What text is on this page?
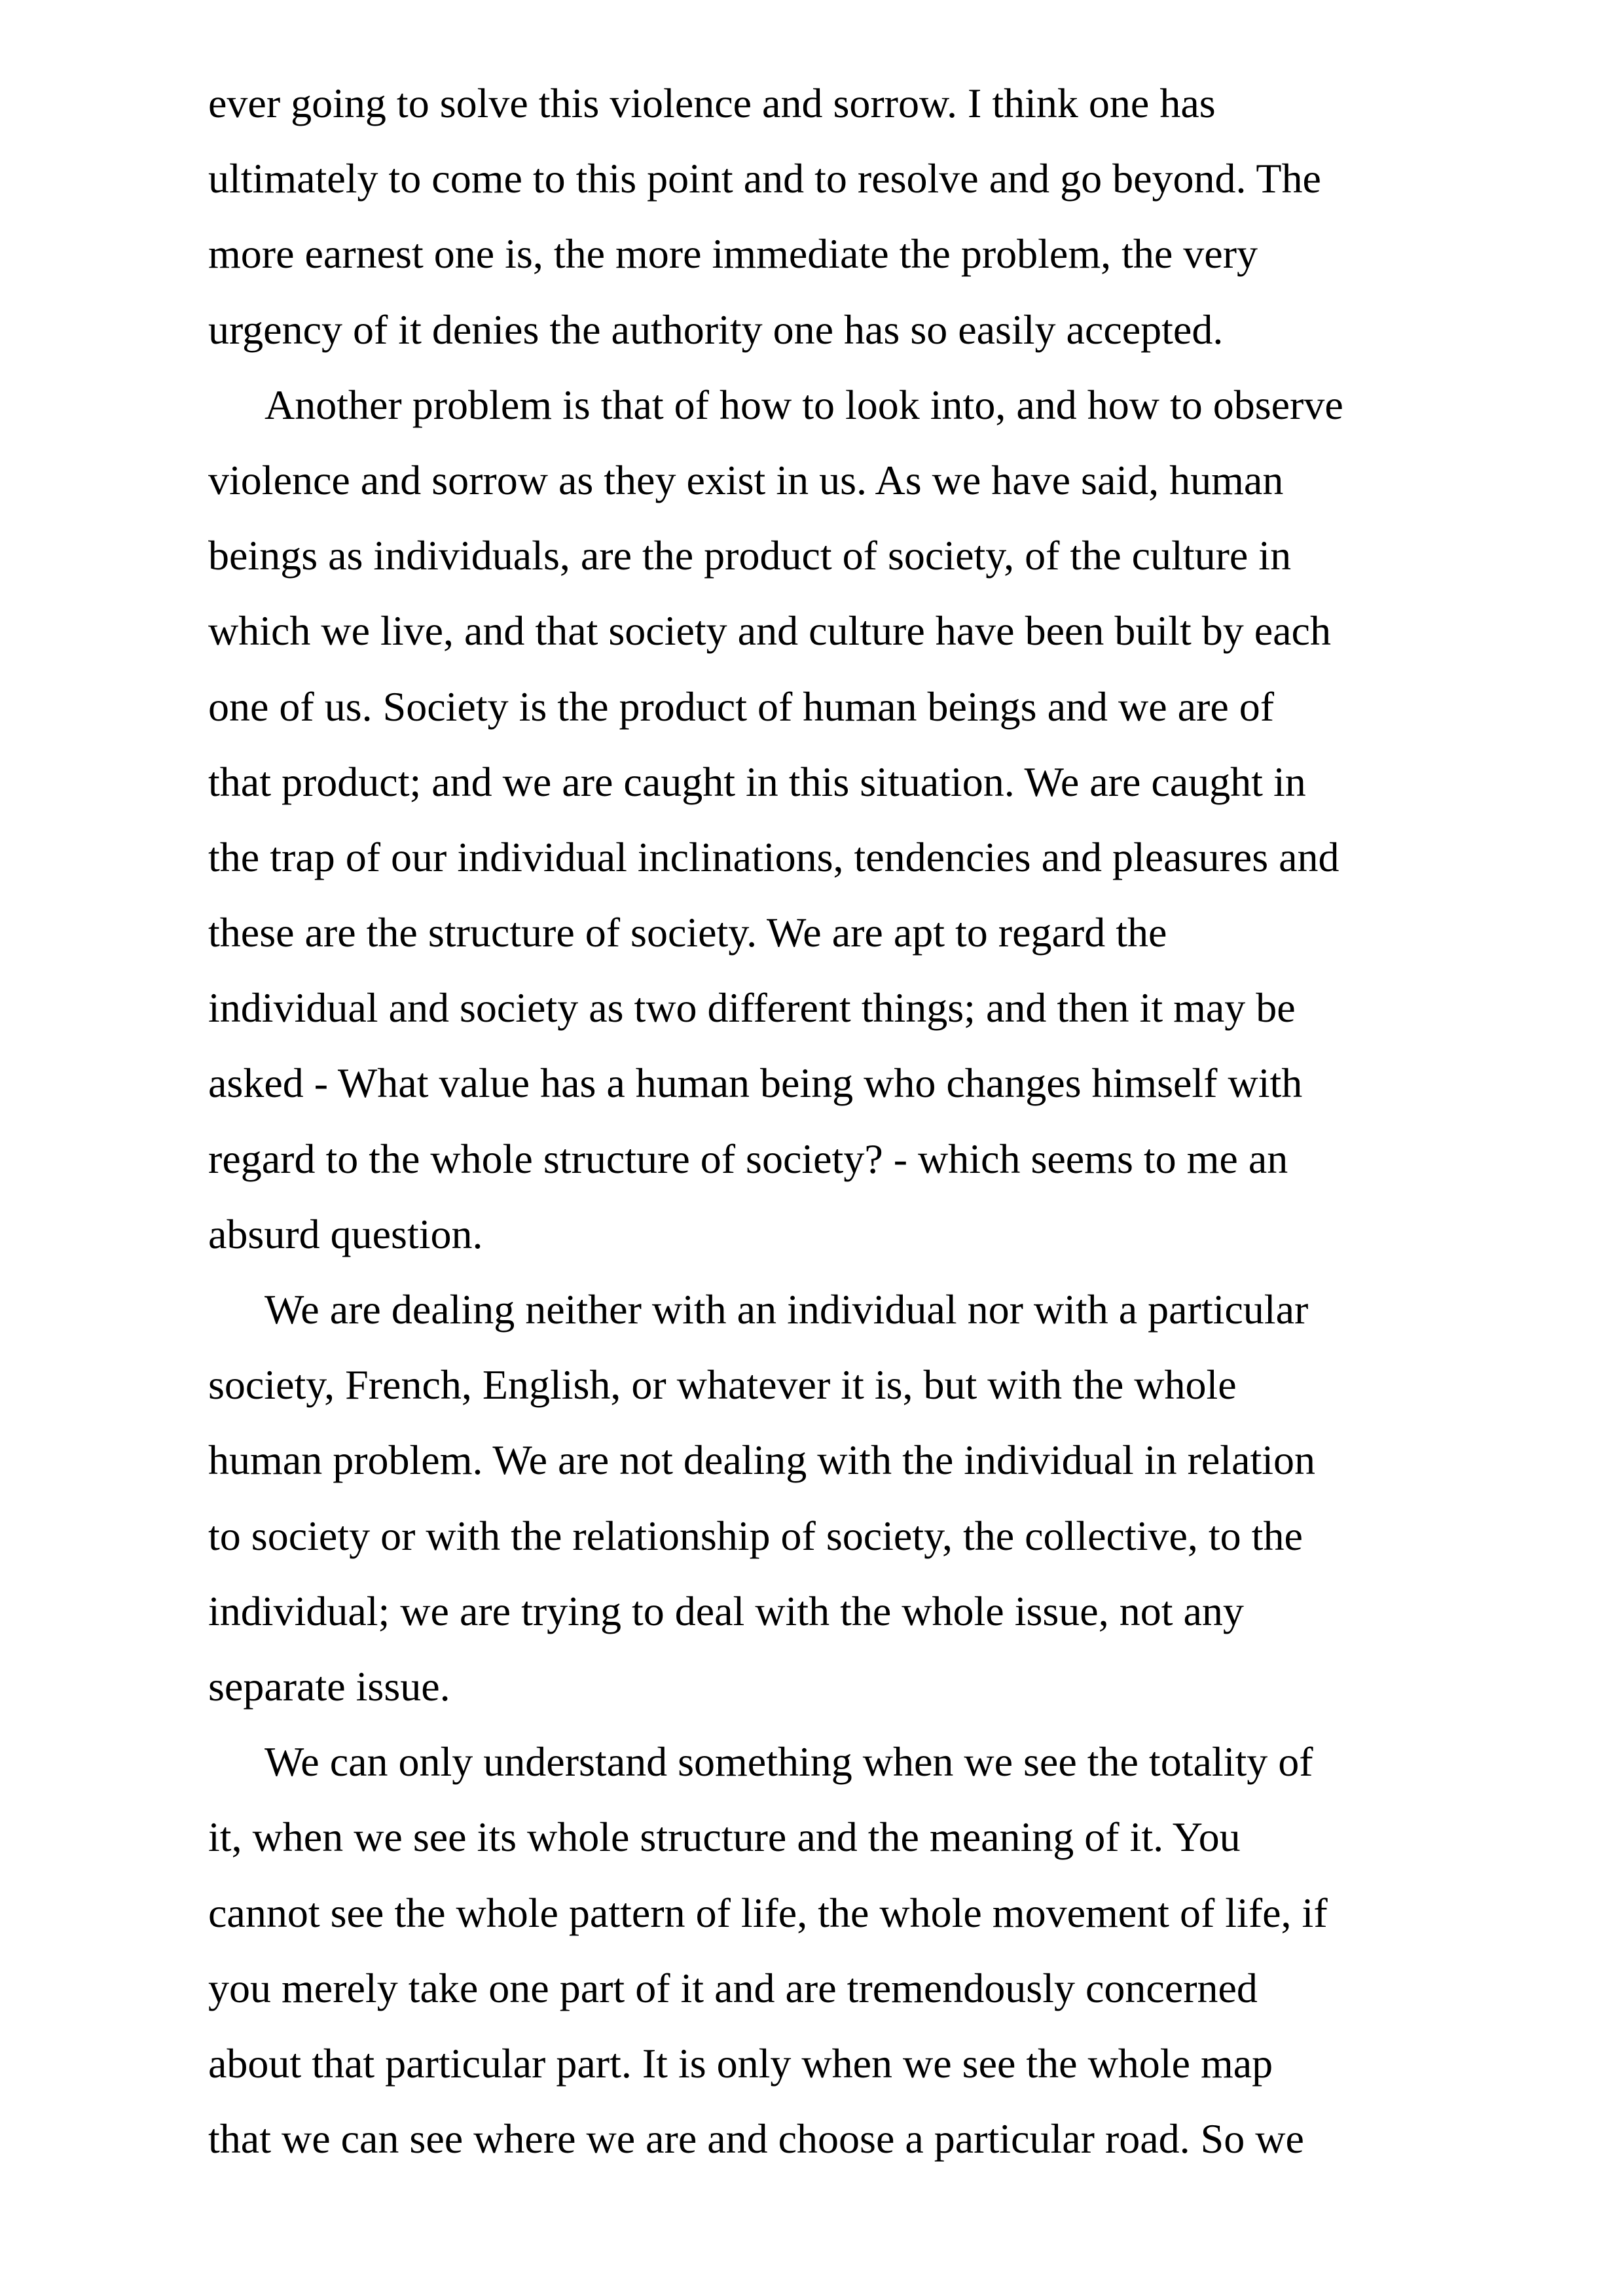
ever going to solve this violence and sorrow. I think one has
ultimately to come to this point and to resolve and go beyond. The
more earnest one is, the more immediate the problem, the very
urgency of it denies the authority one has so easily accepted.
Another problem is that of how to look into, and how to observe
violence and sorrow as they exist in us. As we have said, human
beings as individuals, are the product of society, of the culture in
which we live, and that society and culture have been built by each
one of us. Society is the product of human beings and we are of
that product; and we are caught in this situation. We are caught in
the trap of our individual inclinations, tendencies and pleasures and
these are the structure of society. We are apt to regard the
individual and society as two different things; and then it may be
asked - What value has a human being who changes himself with
regard to the whole structure of society? - which seems to me an
absurd question.
We are dealing neither with an individual nor with a particular
society, French, English, or whatever it is, but with the whole
human problem. We are not dealing with the individual in relation
to society or with the relationship of society, the collective, to the
individual; we are trying to deal with the whole issue, not any
separate issue.
We can only understand something when we see the totality of
it, when we see its whole structure and the meaning of it. You
cannot see the whole pattern of life, the whole movement of life, if
you merely take one part of it and are tremendously concerned
about that particular part. It is only when we see the whole map
that we can see where we are and choose a particular road. So we
